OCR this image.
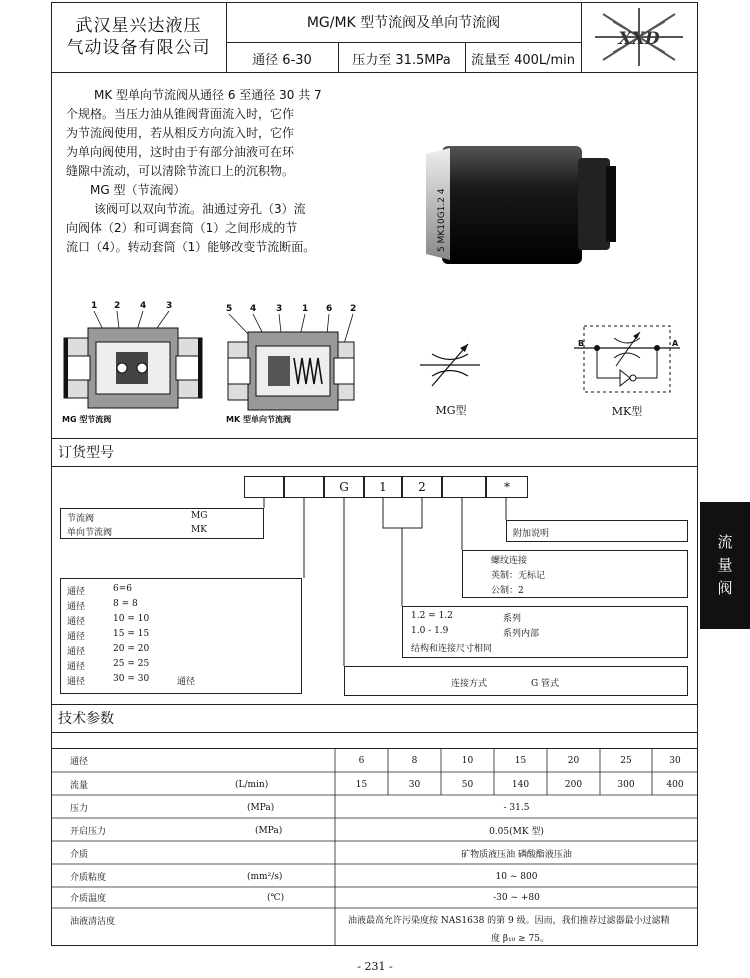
武汉星兴达液压
气动设备有限公司
MG/MK 型节流阀及单向节流阀
通径 6-30	压力至 31.5MPa	流量至 400L/min
XXD

MK 型单向节流阀从通径 6 至通径 30 共 7

个规格。当压力油从锥阀背面流入时，它作

为节流阀使用，若从相反方向流入时，它作

为单向阀使用，这时由于有部分油液可在环

缝隙中流动，可以清除节流口上的沉积物。

MG 型（节流阀）

该阀可以双向节流。油通过旁孔（3）流

向阀体（2）和可调套筒（1）之间形成的节

流口（4）。转动套筒（1）能够改变节流断面。	5 MK10G1.2 4
1 2 4 3
MG 型节流阀
5 4 3 1 6 2
MK 型单向节流阀
MG型
B	A
MK型
订货型号
G	1	2	*
节流阀	MG
单向节流阀	MK
通径	6=6
通径	8 = 8
通径	10 = 10
通径	15 = 15
通径	20 = 20
通径	25 = 25
通径	30 = 30	通径
附加说明
螺纹连接
英制：无标记
公制：2
1.2 = 1.2	系列
1.0 - 1.9	系列内部
结构和连接尺寸相同
连接方式	G 管式
技术参数
通径	6	8	10	15	20	25	30
流量	(L/min)	15	30	50	140	200	300	400
压力	(MPa)	- 31.5
开启压力	(MPa)	0.05(MK 型)
介质	矿物质液压油 磷酸酯液压油
介质粘度	(mm²/s)	10 ~ 800
介质温度	(℃)	-30 ~ +80
油液清洁度	油液最高允许污染度按 NAS1638 的第 9 级。因而，我们推荐过滤器最小过滤精
度 β₁₀ ≥ 75。
流
量
阀
- 231 -
